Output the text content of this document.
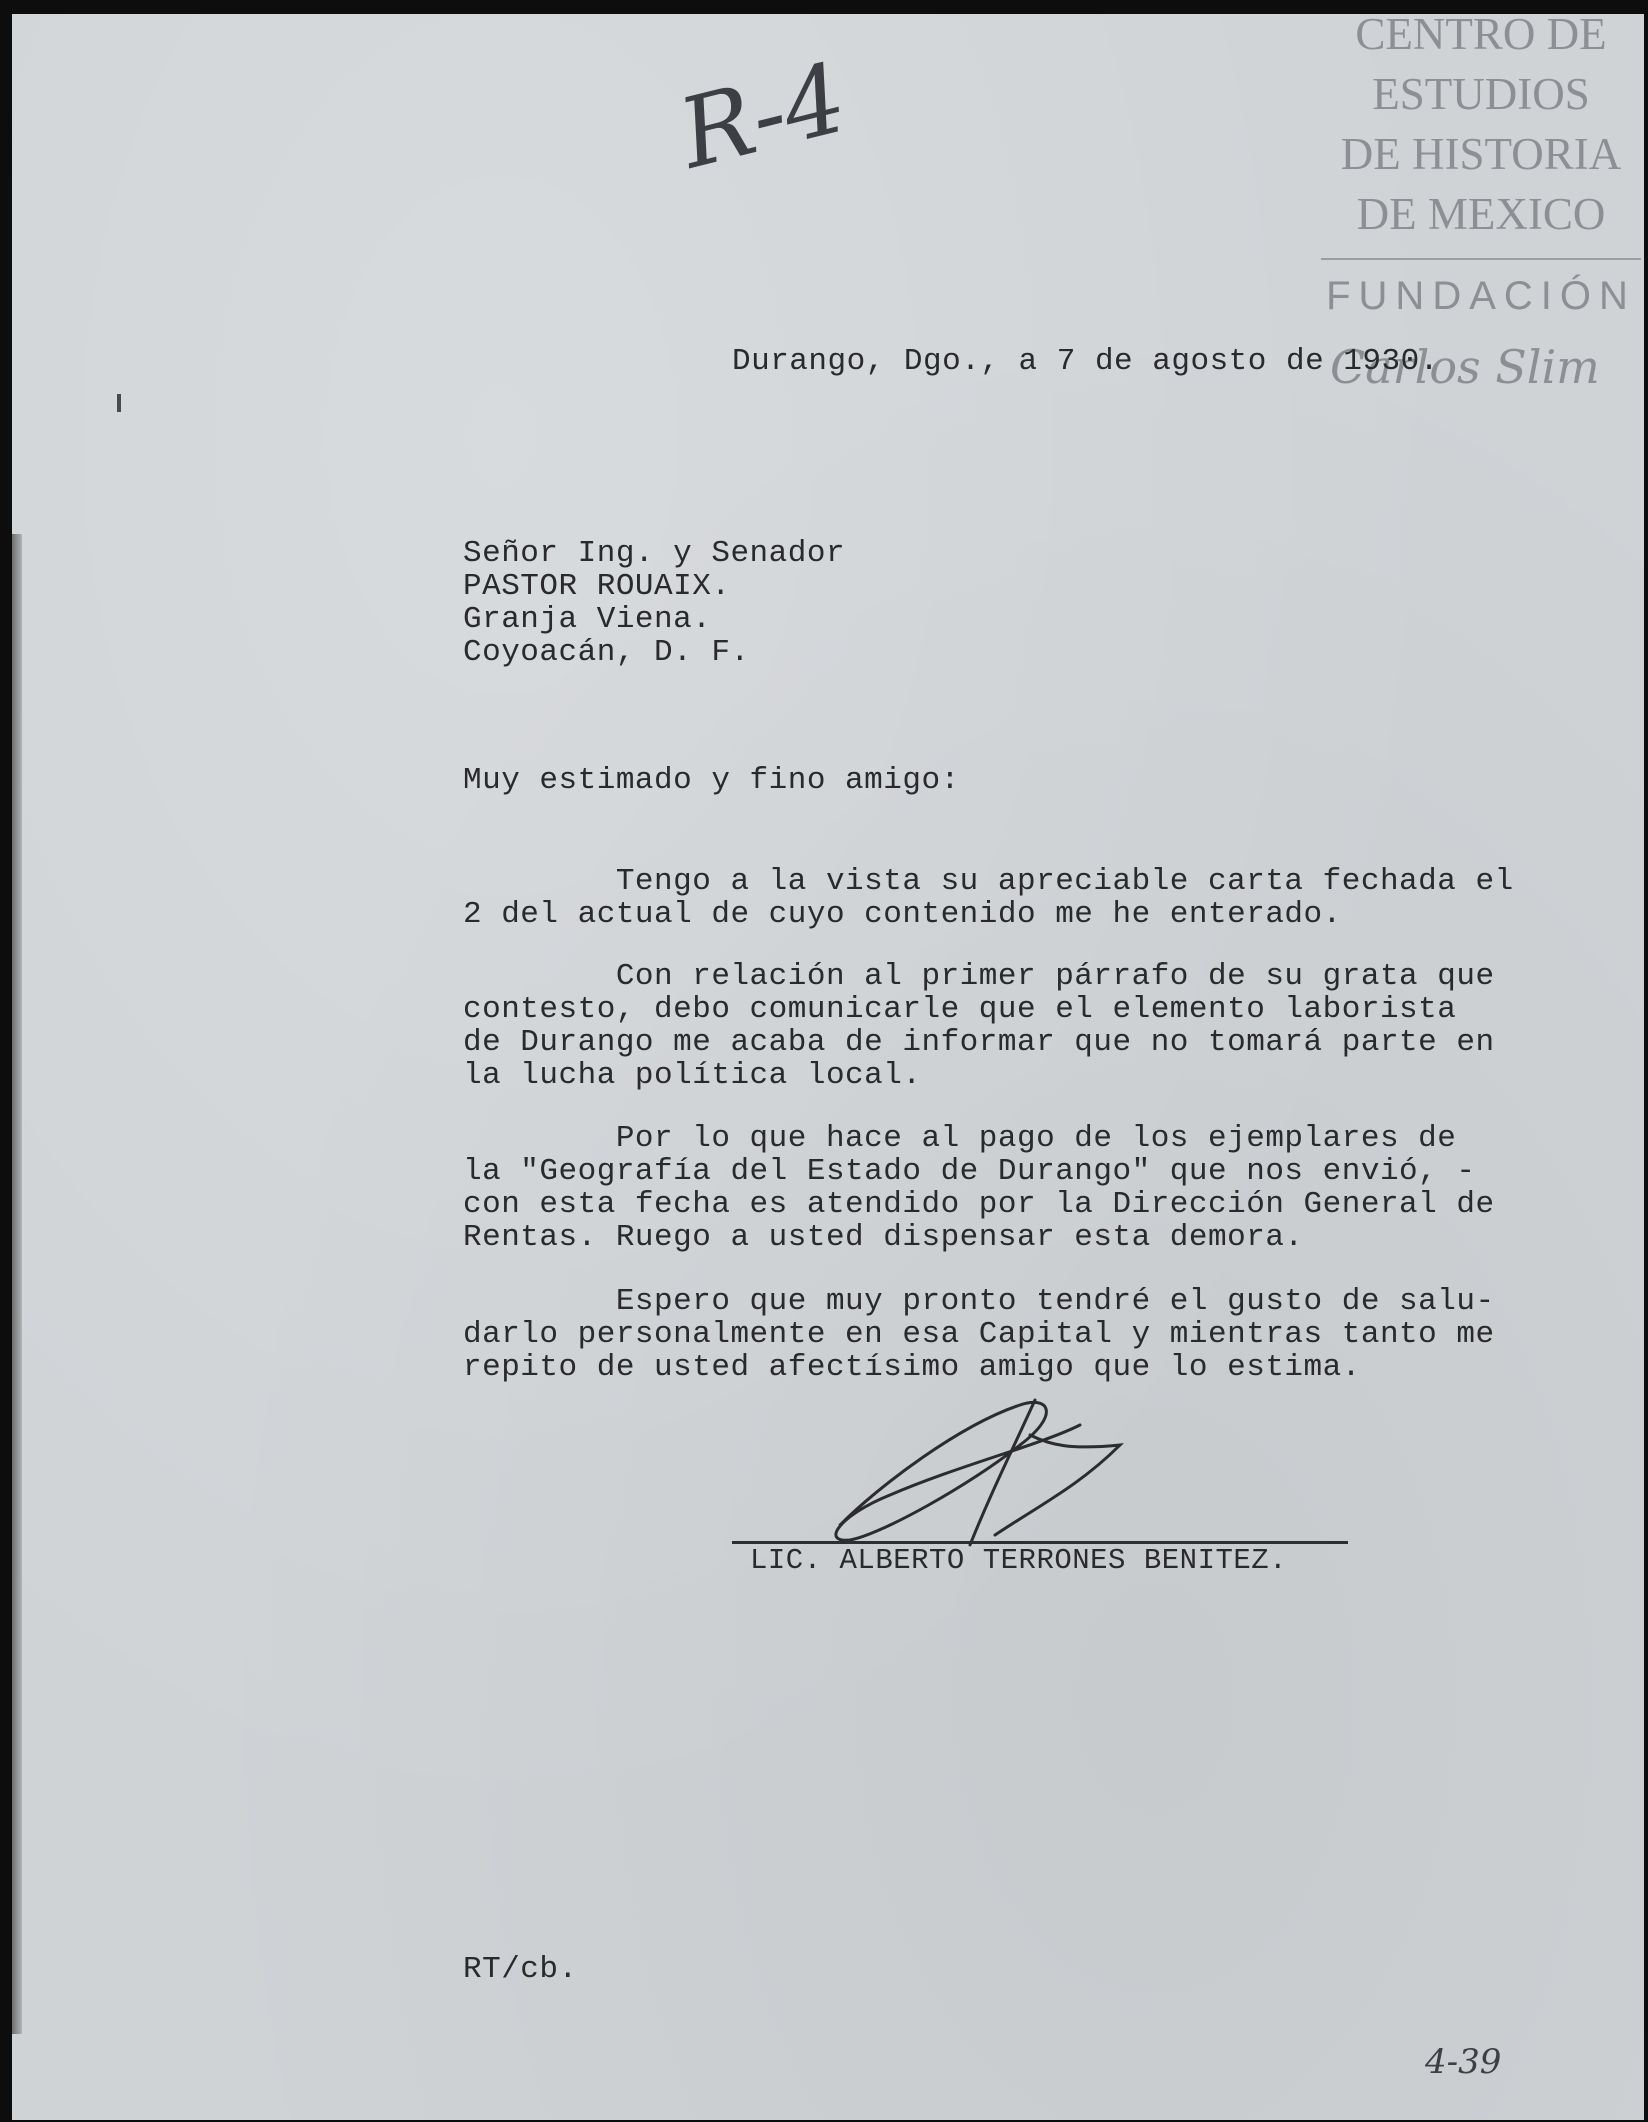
CENTRO DE
ESTUDIOS
DE HISTORIA
DE MEXICO
FUNDACIÓN
Carlos Slim
R-4
Durango, Dgo., a 7 de agosto de 1930.
Señor Ing. y Senador
PASTOR ROUAIX.
Granja Viena.
Coyoacán, D. F.
Muy estimado y fino amigo:
Tengo a la vista su apreciable carta fechada el
2 del actual de cuyo contenido me he enterado.
Con relación al primer párrafo de su grata que
contesto, debo comunicarle que el elemento laborista
de Durango me acaba de informar que no tomará parte en
la lucha política local.
Por lo que hace al pago de los ejemplares de
la "Geografía del Estado de Durango" que nos envió, -
con esta fecha es atendido por la Dirección General de
Rentas. Ruego a usted dispensar esta demora.
Espero que muy pronto tendré el gusto de salu-
darlo personalmente en esa Capital y mientras tanto me
repito de usted afectísimo amigo que lo estima.
LIC. ALBERTO TERRONES BENITEZ.
RT/cb.
4-39
